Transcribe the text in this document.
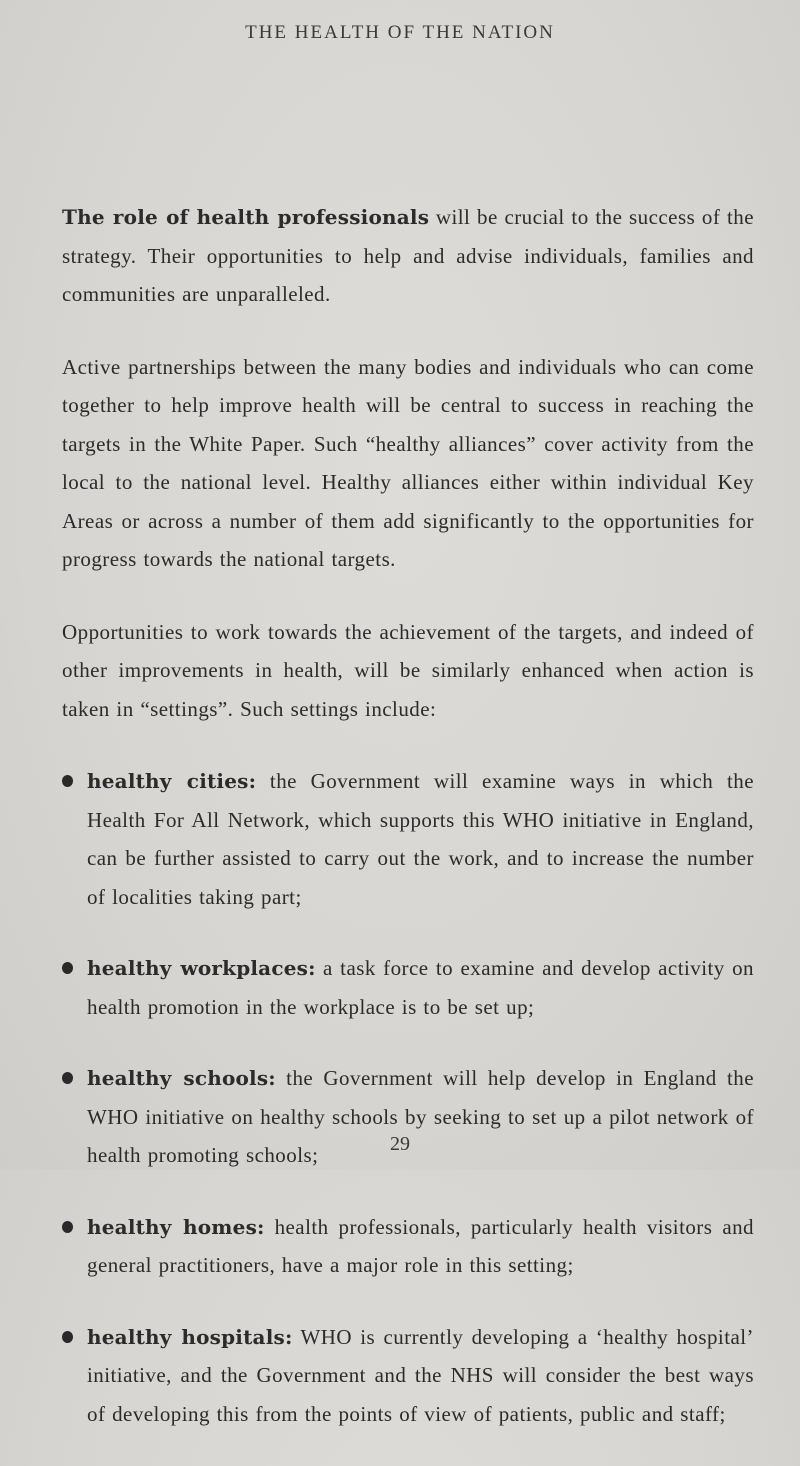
THE HEALTH OF THE NATION

The role of health professionals will be crucial to the success of the strategy. Their opportunities to help and advise individuals, families and communities are unparalleled.

Active partnerships between the many bodies and individuals who can come together to help improve health will be central to success in reaching the targets in the White Paper. Such “healthy alliances” cover activity from the local to the national level. Healthy alliances either within individual Key Areas or across a number of them add significantly to the opportunities for progress towards the national targets.

Opportunities to work towards the achievement of the targets, and indeed of other improvements in health, will be similarly enhanced when action is taken in “settings”. Such settings include:

healthy cities: the Government will examine ways in which the Health For All Network, which supports this WHO initiative in England, can be further assisted to carry out the work, and to increase the number of localities taking part;

healthy workplaces: a task force to examine and develop activity on health promotion in the workplace is to be set up;

healthy schools: the Government will help develop in England the WHO initiative on healthy schools by seeking to set up a pilot network of health promoting schools;

healthy homes: health professionals, particularly health visitors and general practitioners, have a major role in this setting;

healthy hospitals: WHO is currently developing a ‘healthy hospital’ initiative, and the Government and the NHS will consider the best ways of developing this from the points of view of patients, public and staff;

29
